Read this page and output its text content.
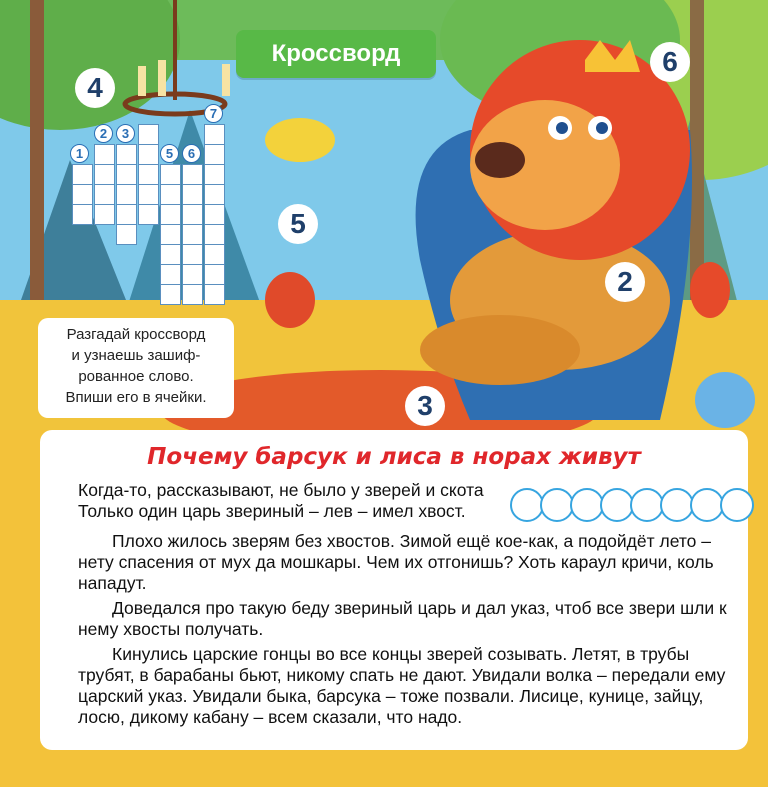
Кроссворд
4
6
5
2
3
1
2	3
5	6
7
Разгадай кроссворд
и узнаешь зашиф-
рованное слово.
Впиши его в ячейки.
Почему барсук и лиса в норах живут

Когда-то, рассказывают, не было у зверей и скота

Только один царь звериный – лев – имел хвост.

Плохо жилось зверям без хвостов. Зимой ещё кое-как, а подойдёт лето – нету спасения от мух да мошкары. Чем их отгонишь? Хоть караул кричи, коль нападут.

Доведался про такую беду звериный царь и дал указ, чтоб все звери шли к нему хвосты получать.

Кинулись царские гонцы во все концы зверей созывать. Летят, в трубы трубят, в барабаны бьют, никому спать не дают. Увидали волка – передали ему царский указ. Увидали быка, барсука – тоже позвали. Лисице, кунице, зайцу, лосю, дикому кабану – всем сказали, что надо.
